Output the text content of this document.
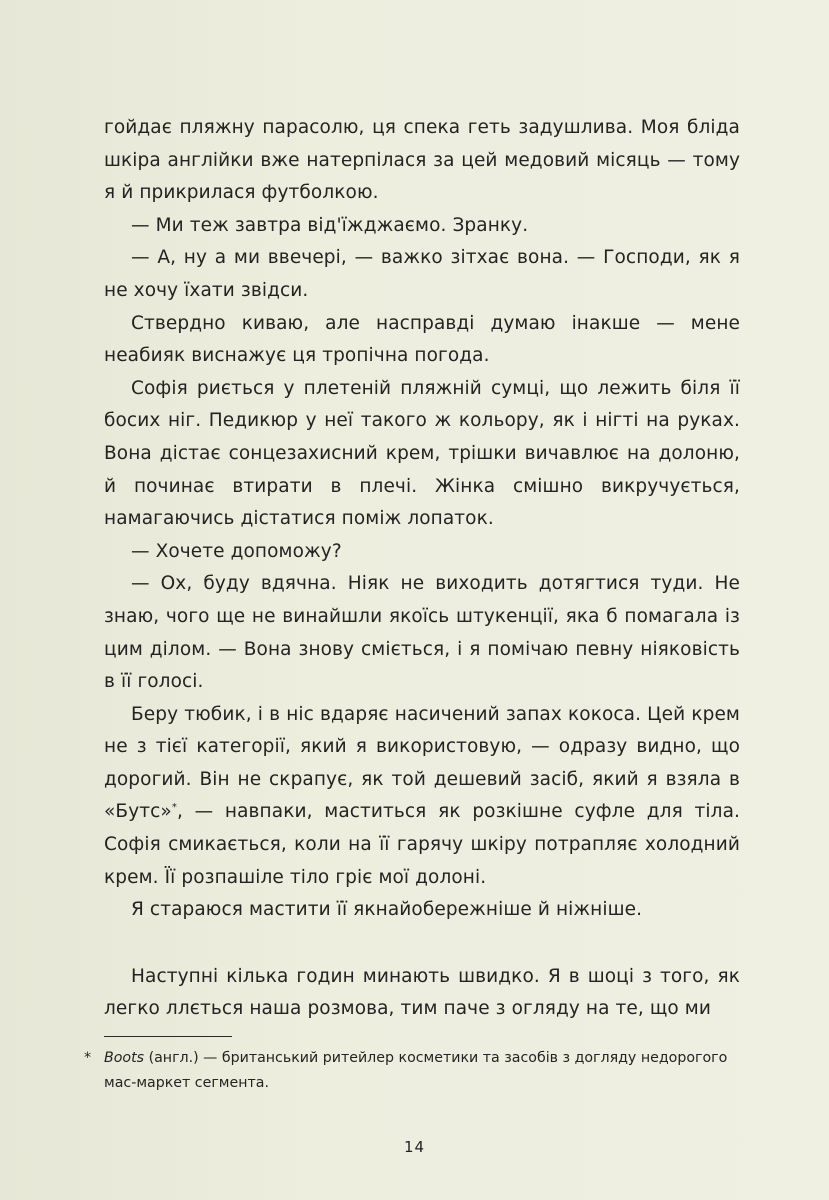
гойдає пляжну парасолю, ця спека геть задушлива. Моя бліда шкіра англійки вже натерпілася за цей медовий місяць — тому я й прикрилася футболкою.

— Ми теж завтра від'їжджаємо. Зранку.

— А, ну а ми ввечері, — важко зітхає вона. — Господи, як я не хочу їхати звідси.

Ствердно киваю, але насправді думаю інакше — мене неабияк виснажує ця тропічна погода.

Софія риється у плетеній пляжній сумці, що лежить біля її босих ніг. Педикюр у неї такого ж кольору, як і нігті на руках. Вона дістає сонцезахисний крем, трішки вичавлює на долоню, й починає втирати в плечі. Жінка смішно викручується, намагаючись дістатися поміж лопаток.

— Хочете допоможу?

— Ох, буду вдячна. Ніяк не виходить дотягтися туди. Не знаю, чого ще не винайшли якоїсь штукенції, яка б помагала із цим ділом. — Вона знову сміється, і я помічаю певну ніяковість в її голосі.

Беру тюбик, і в ніс вдаряє насичений запах кокоса. Цей крем не з тієї категорії, який я використовую, — одразу видно, що дорогий. Він не скрапує, як той дешевий засіб, який я взяла в «Бутс»*, — навпаки, маститься як розкішне суфле для тіла. Софія смикається, коли на її гарячу шкіру потрапляє холодний крем. Її розпашіле тіло гріє мої долоні.

Я стараюся мастити її якнайобережніше й ніжніше.

Наступні кілька годин минають швидко. Я в шоці з того, як легко ллється наша розмова, тим паче з огляду на те, що ми

* Boots (англ.) — британський ритейлер косметики та засобів з догляду недорогого мас-маркет сегмента.
14
